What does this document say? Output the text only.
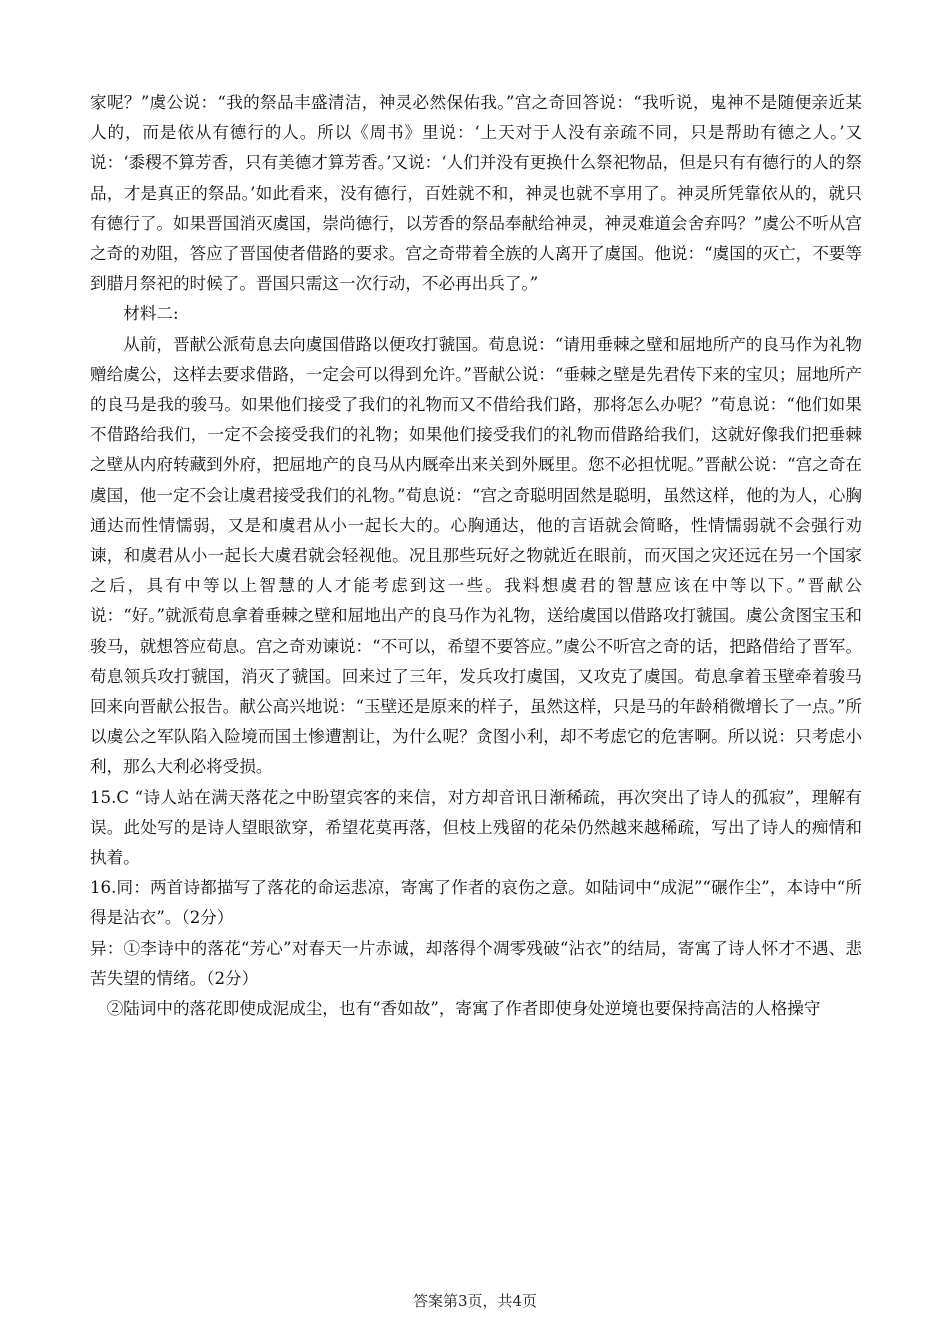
家呢？”虞公说：“我的祭品丰盛清洁，神灵必然保佑我。”宫之奇回答说：“我听说，鬼神不是随便亲近某人的，而是依从有德行的人。所以《周书》里说：‘上天对于人没有亲疏不同，只是帮助有德之人。’又说：‘黍稷不算芳香，只有美德才算芳香。’又说：‘人们并没有更换什么祭祀物品，但是只有有德行的人的祭品，才是真正的祭品。’如此看来，没有德行，百姓就不和，神灵也就不享用了。神灵所凭靠依从的，就只有德行了。如果晋国消灭虞国，崇尚德行，以芳香的祭品奉献给神灵，神灵难道会舍弃吗？”虞公不听从宫之奇的劝阻，答应了晋国使者借路的要求。宫之奇带着全族的人离开了虞国。他说：“虞国的灭亡，不要等到腊月祭祀的时候了。晋国只需这一次行动，不必再出兵了。”

材料二:

从前，晋献公派荀息去向虞国借路以便攻打虢国。荀息说：“请用垂棘之壁和屈地所产的良马作为礼物赠给虞公，这样去要求借路，一定会可以得到允许。”晋献公说：“垂棘之壁是先君传下来的宝贝；屈地所产的良马是我的骏马。如果他们接受了我们的礼物而又不借给我们路，那将怎么办呢？”荀息说：“他们如果不借路给我们，一定不会接受我们的礼物；如果他们接受我们的礼物而借路给我们，这就好像我们把垂棘之壁从内府转藏到外府，把屈地产的良马从内厩牵出来关到外厩里。您不必担忧呢。”晋献公说：“宫之奇在虞国，他一定不会让虞君接受我们的礼物。”荀息说：“宫之奇聪明固然是聪明，虽然这样，他的为人，心胸通达而性情懦弱，又是和虞君从小一起长大的。心胸通达，他的言语就会简略，性情懦弱就不会强行劝谏，和虞君从小一起长大虞君就会轻视他。况且那些玩好之物就近在眼前，而灭国之灾还远在另一个国家之后，具有中等以上智慧的人才能考虑到这一些。我料想虞君的智慧应该在中等以下。”晋献公说：“好。”就派荀息拿着垂棘之壁和屈地出产的良马作为礼物，送给虞国以借路攻打虢国。虞公贪图宝玉和骏马，就想答应荀息。宫之奇劝谏说：“不可以，希望不要答应。”虞公不听宫之奇的话，把路借给了晋军。荀息领兵攻打虢国，消灭了虢国。回来过了三年，发兵攻打虞国，又攻克了虞国。荀息拿着玉壁牵着骏马回来向晋献公报告。献公高兴地说：“玉壁还是原来的样子，虽然这样，只是马的年龄稍微增长了一点。”所以虞公之军队陷入险境而国土惨遭割让，为什么呢？贪图小利，却不考虑它的危害啊。所以说：只考虑小利，那么大利必将受损。

15.C “诗人站在满天落花之中盼望宾客的来信，对方却音讯日渐稀疏，再次突出了诗人的孤寂”，理解有误。此处写的是诗人望眼欲穿，希望花莫再落，但枝上残留的花朵仍然越来越稀疏，写出了诗人的痴情和执着。

16.同：两首诗都描写了落花的命运悲凉，寄寓了作者的哀伤之意。如陆词中“成泥”“碾作尘”，本诗中“所得是沾衣”。（2分）

异：①李诗中的落花“芳心”对春天一片赤诚，却落得个凋零残破“沾衣”的结局，寄寓了诗人怀才不遇、悲苦失望的情绪。（2分）

②陆词中的落花即使成泥成尘，也有“香如故”，寄寓了作者即使身处逆境也要保持高洁的人格操守

答案第3页，共4页
